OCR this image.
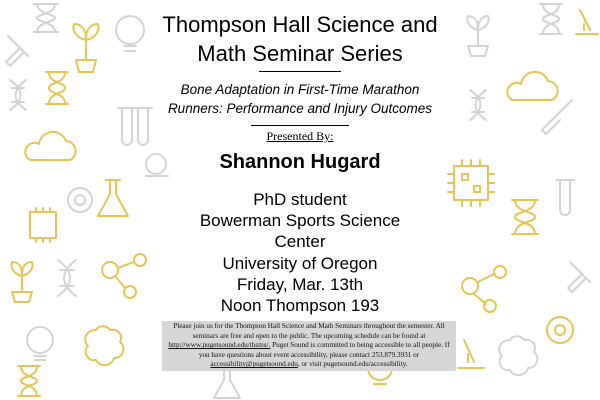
Thompson Hall Science and
Math Seminar Series
Bone Adaptation in First-Time Marathon
Runners: Performance and Injury Outcomes
Presented By:
Shannon Hugard
PhD student
Bowerman Sports Science
Center
University of Oregon
Friday, Mar. 13th
Noon Thompson 193
Please join us for the Thompson Hall Science and Math Seminars throughout the semester. All
seminars are free and open to the public. The upcoming schedule can be found at
http://www.pugetsound.edu/thsms/. Puget Sound is committed to being accessible to all people. If
you have questions about event accessibility, please contact 253.879.3931 or
accessibility@pugetsound.edu, or visit pugetsound.edu/accessibility.
